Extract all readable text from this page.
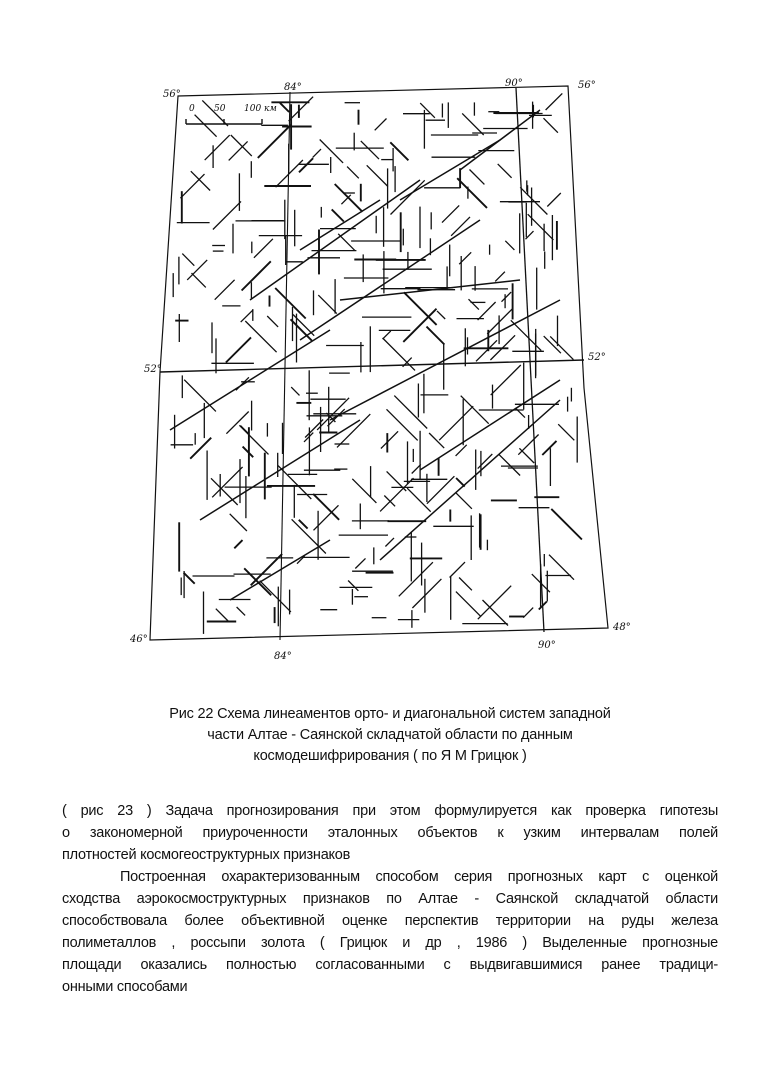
56°
56°
52°
52°
46°
48°
84°	90°
84°
90°
0 50 100 км
Рис 22 Схема линеаментов орто- и диагональной систем западной
части Алтае - Саянской складчатой области по данным
космодешифрирования ( по Я М Грицюк )
( рис 23 ) Задача прогнозирования при этом формулируется как проверка гипотезы
о закономерной приуроченности эталонных объектов к узким интервалам полей
плотностей космогеоструктурных признаков
Построенная охарактеризованным способом серия прогнозных карт с оценкой
сходства аэрокосмоструктурных признаков по Алтае - Саянской складчатой области
способствовала более объективной оценке перспектив территории на руды железа
полиметаллов , россыпи золота ( Грицюк и др , 1986 ) Выделенные прогнозные
площади оказались полностью согласованными с выдвигавшимися ранее традици-
онными способами
